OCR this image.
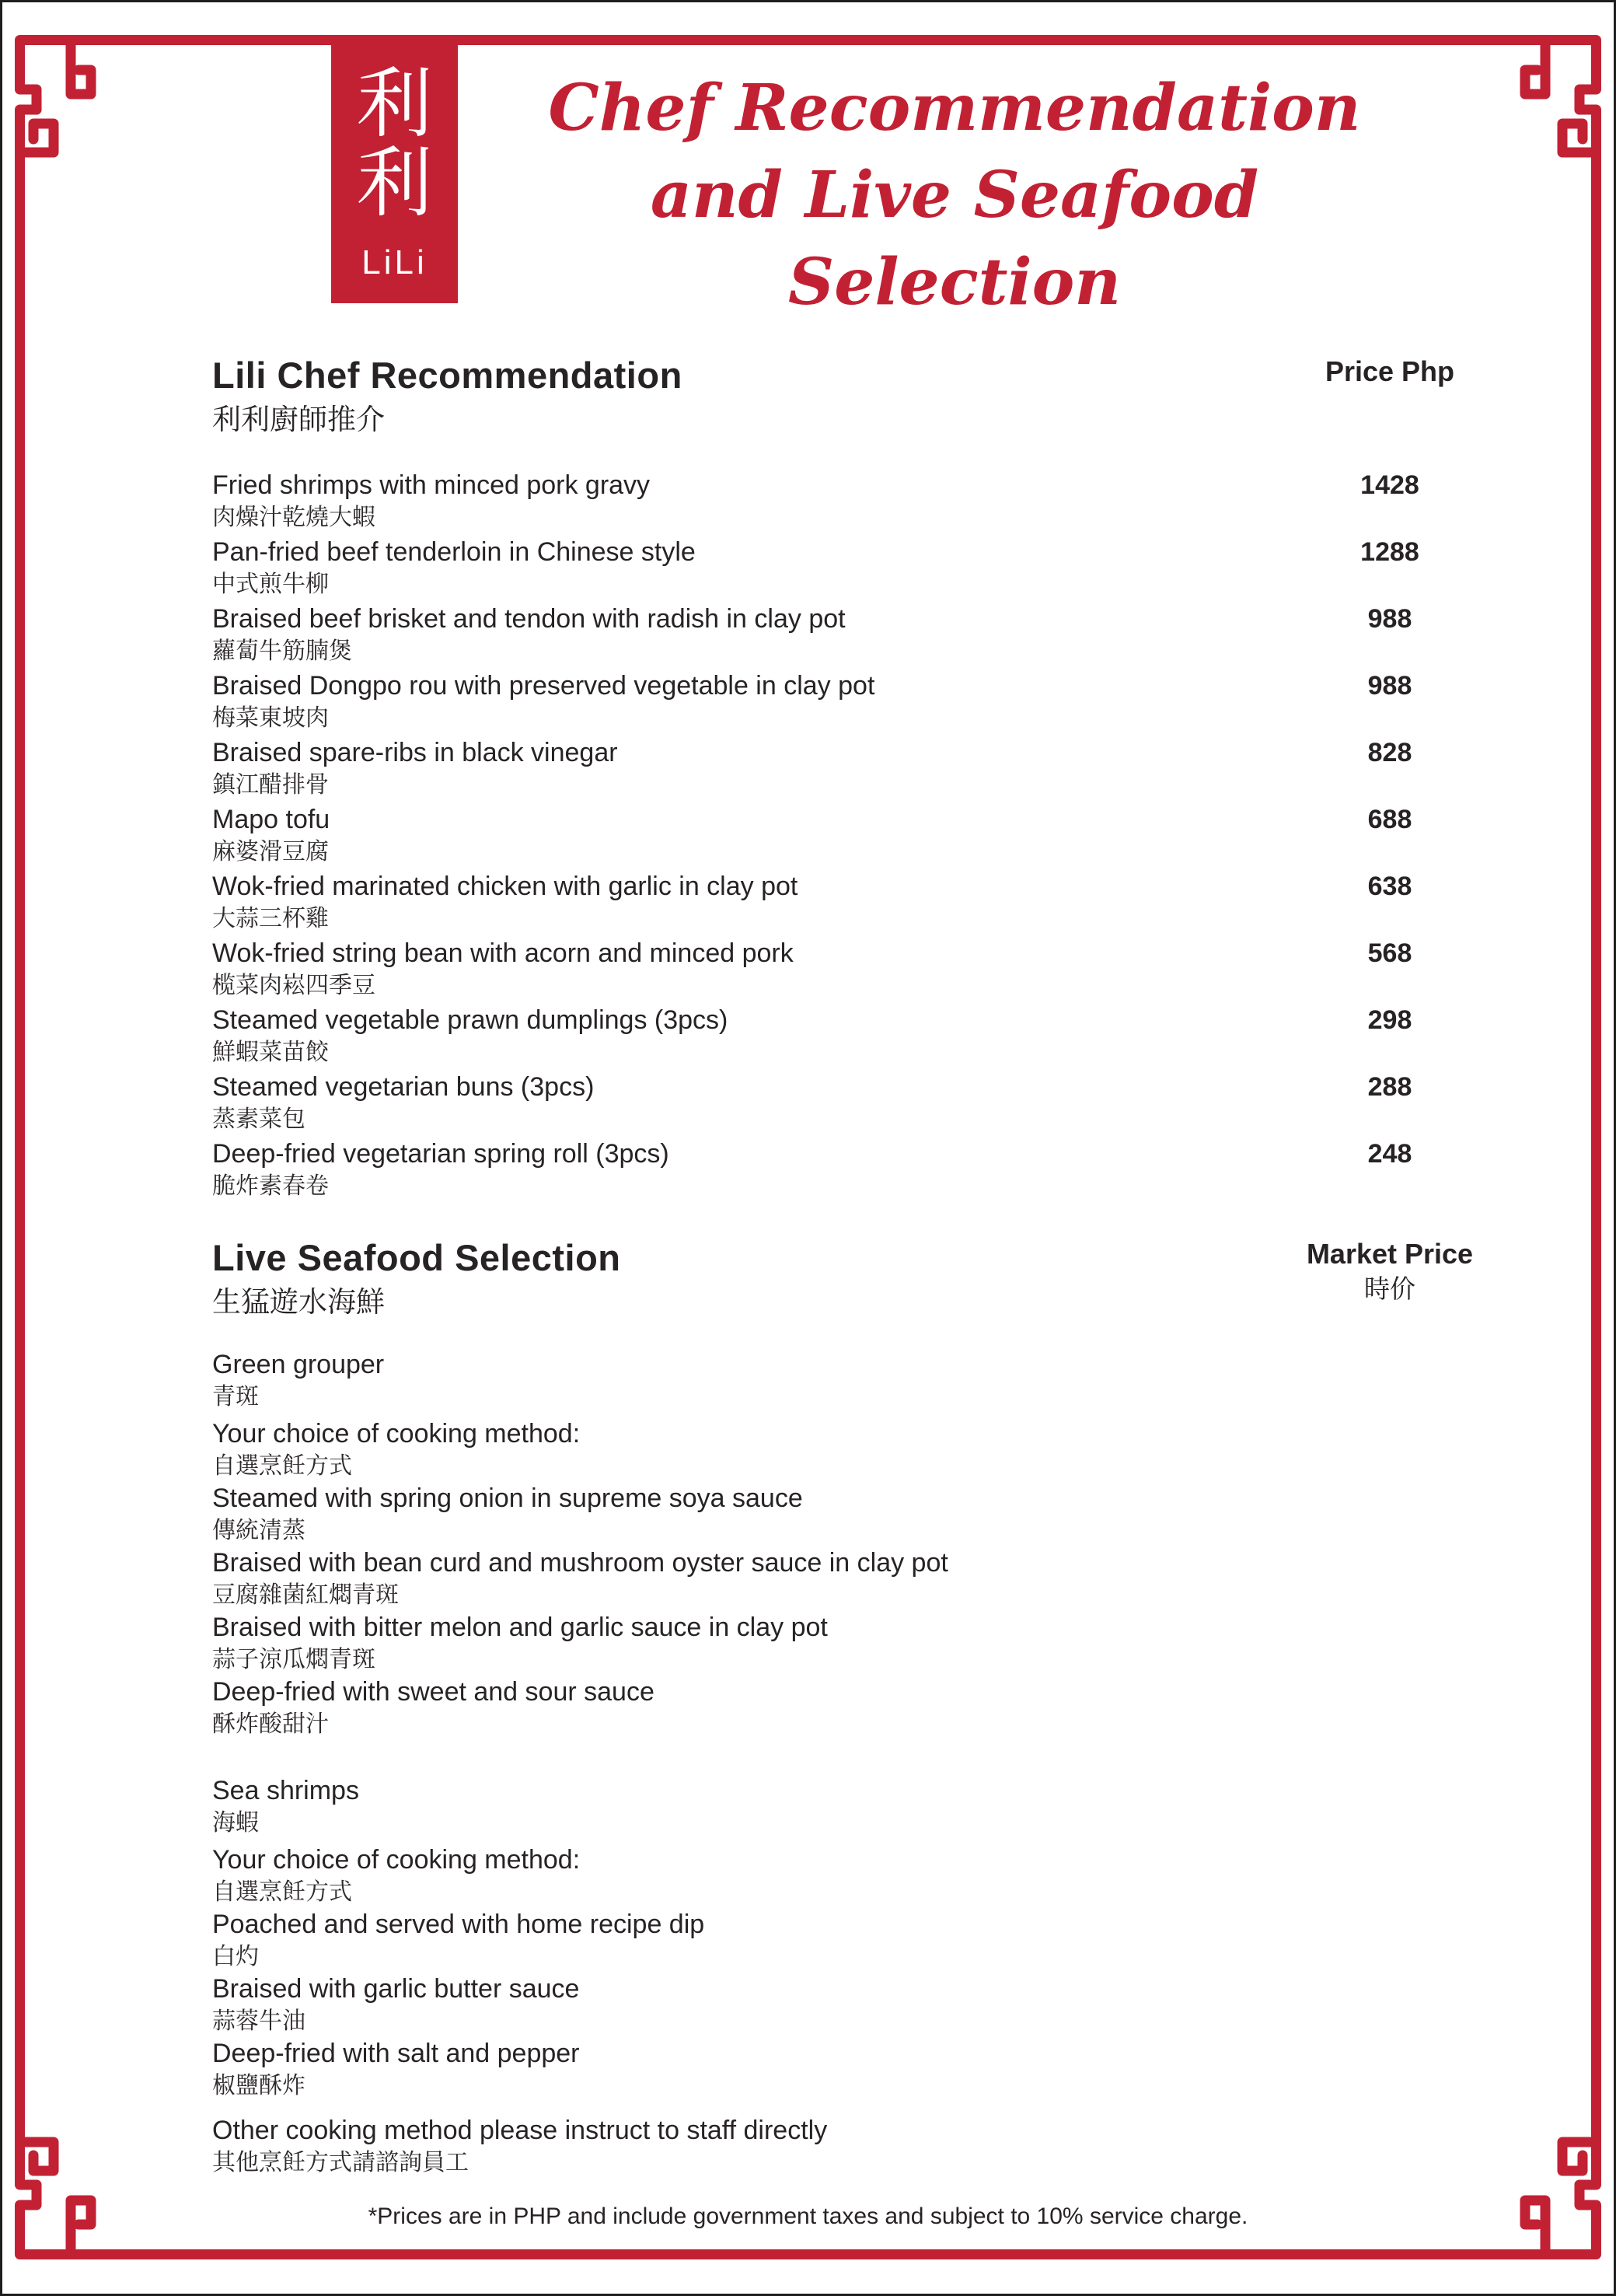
利
利
LiLi
Chef Recommendation
and Live Seafood Selection
Lili Chef Recommendation
利利廚師推介
Price Php
Fried shrimps with minced pork gravy
肉燥汁乾燒大蝦
1428
Pan-fried beef tenderloin in Chinese style
中式煎牛柳
1288
Braised beef brisket and tendon with radish in clay pot
蘿蔔牛筋腩煲
988
Braised Dongpo rou with preserved vegetable in clay pot
梅菜東坡肉
988
Braised spare-ribs in black vinegar
鎮江醋排骨
828
Mapo tofu
麻婆滑豆腐
688
Wok-fried marinated chicken with garlic in clay pot
大蒜三杯雞
638
Wok-fried string bean with acorn and minced pork
榄菜肉崧四季豆
568
Steamed vegetable prawn dumplings (3pcs)
鮮蝦菜苗餃
298
Steamed vegetarian buns (3pcs)
蒸素菜包
288
Deep-fried vegetarian spring roll (3pcs)
脆炸素春卷
248
Live Seafood Selection
生猛遊水海鮮
Market Price
時价
Green grouper
青斑
Your choice of cooking method:
自選烹飪方式
Steamed with spring onion in supreme soya sauce
傳統清蒸
Braised with bean curd and mushroom oyster sauce in clay pot
豆腐雜菌紅燜青斑
Braised with bitter melon and garlic sauce in clay pot
蒜子涼瓜燜青斑
Deep-fried with sweet and sour sauce
酥炸酸甜汁
Sea shrimps
海蝦
Your choice of cooking method:
自選烹飪方式
Poached and served with home recipe dip
白灼
Braised with garlic butter sauce
蒜蓉牛油
Deep-fried with salt and pepper
椒鹽酥炸
Other cooking method please instruct to staff directly
其他烹飪方式請諮詢員工
*Prices are in PHP and include government taxes and subject to 10% service charge.
